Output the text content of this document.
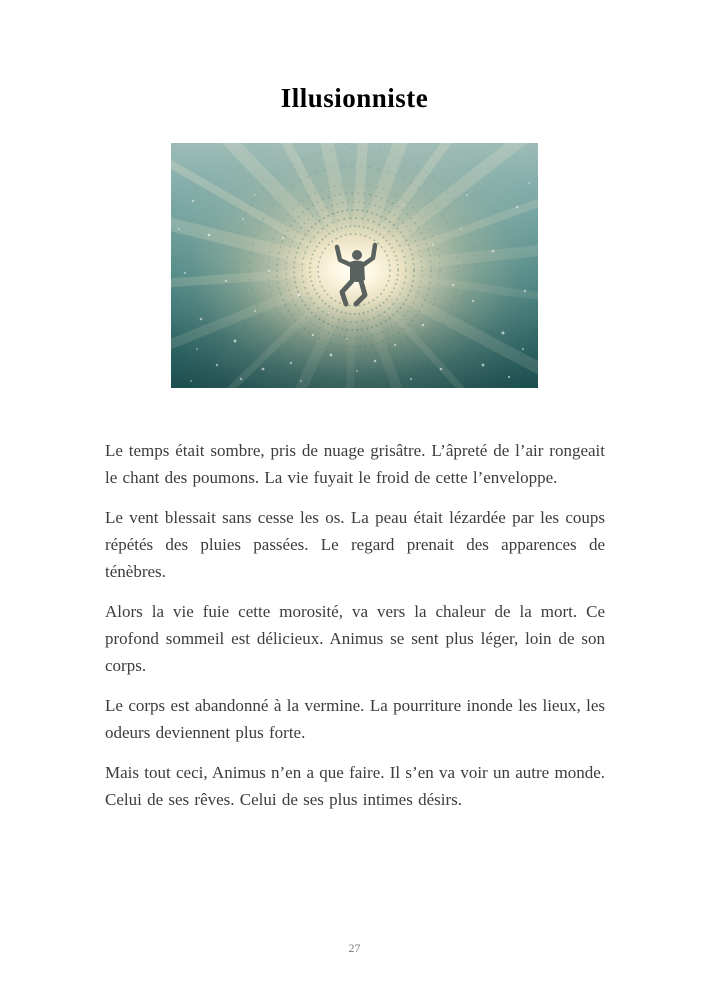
Illusionniste

Le temps était sombre, pris de nuage grisâtre. L’âpreté de l’air rongeait le chant des poumons. La vie fuyait le froid de cette l’enveloppe.

Le vent blessait sans cesse les os. La peau était lézardée par les coups répétés des pluies passées. Le regard prenait des apparences de ténèbres.

Alors la vie fuie cette morosité, va vers la chaleur de la mort. Ce profond sommeil est délicieux. Animus se sent plus léger, loin de son corps.

Le corps est abandonné à la vermine. La pourriture inonde les lieux, les odeurs deviennent plus forte.

Mais tout ceci, Animus n’en a que faire. Il s’en va voir un autre monde. Celui de ses rêves. Celui de ses plus intimes désirs.

27
